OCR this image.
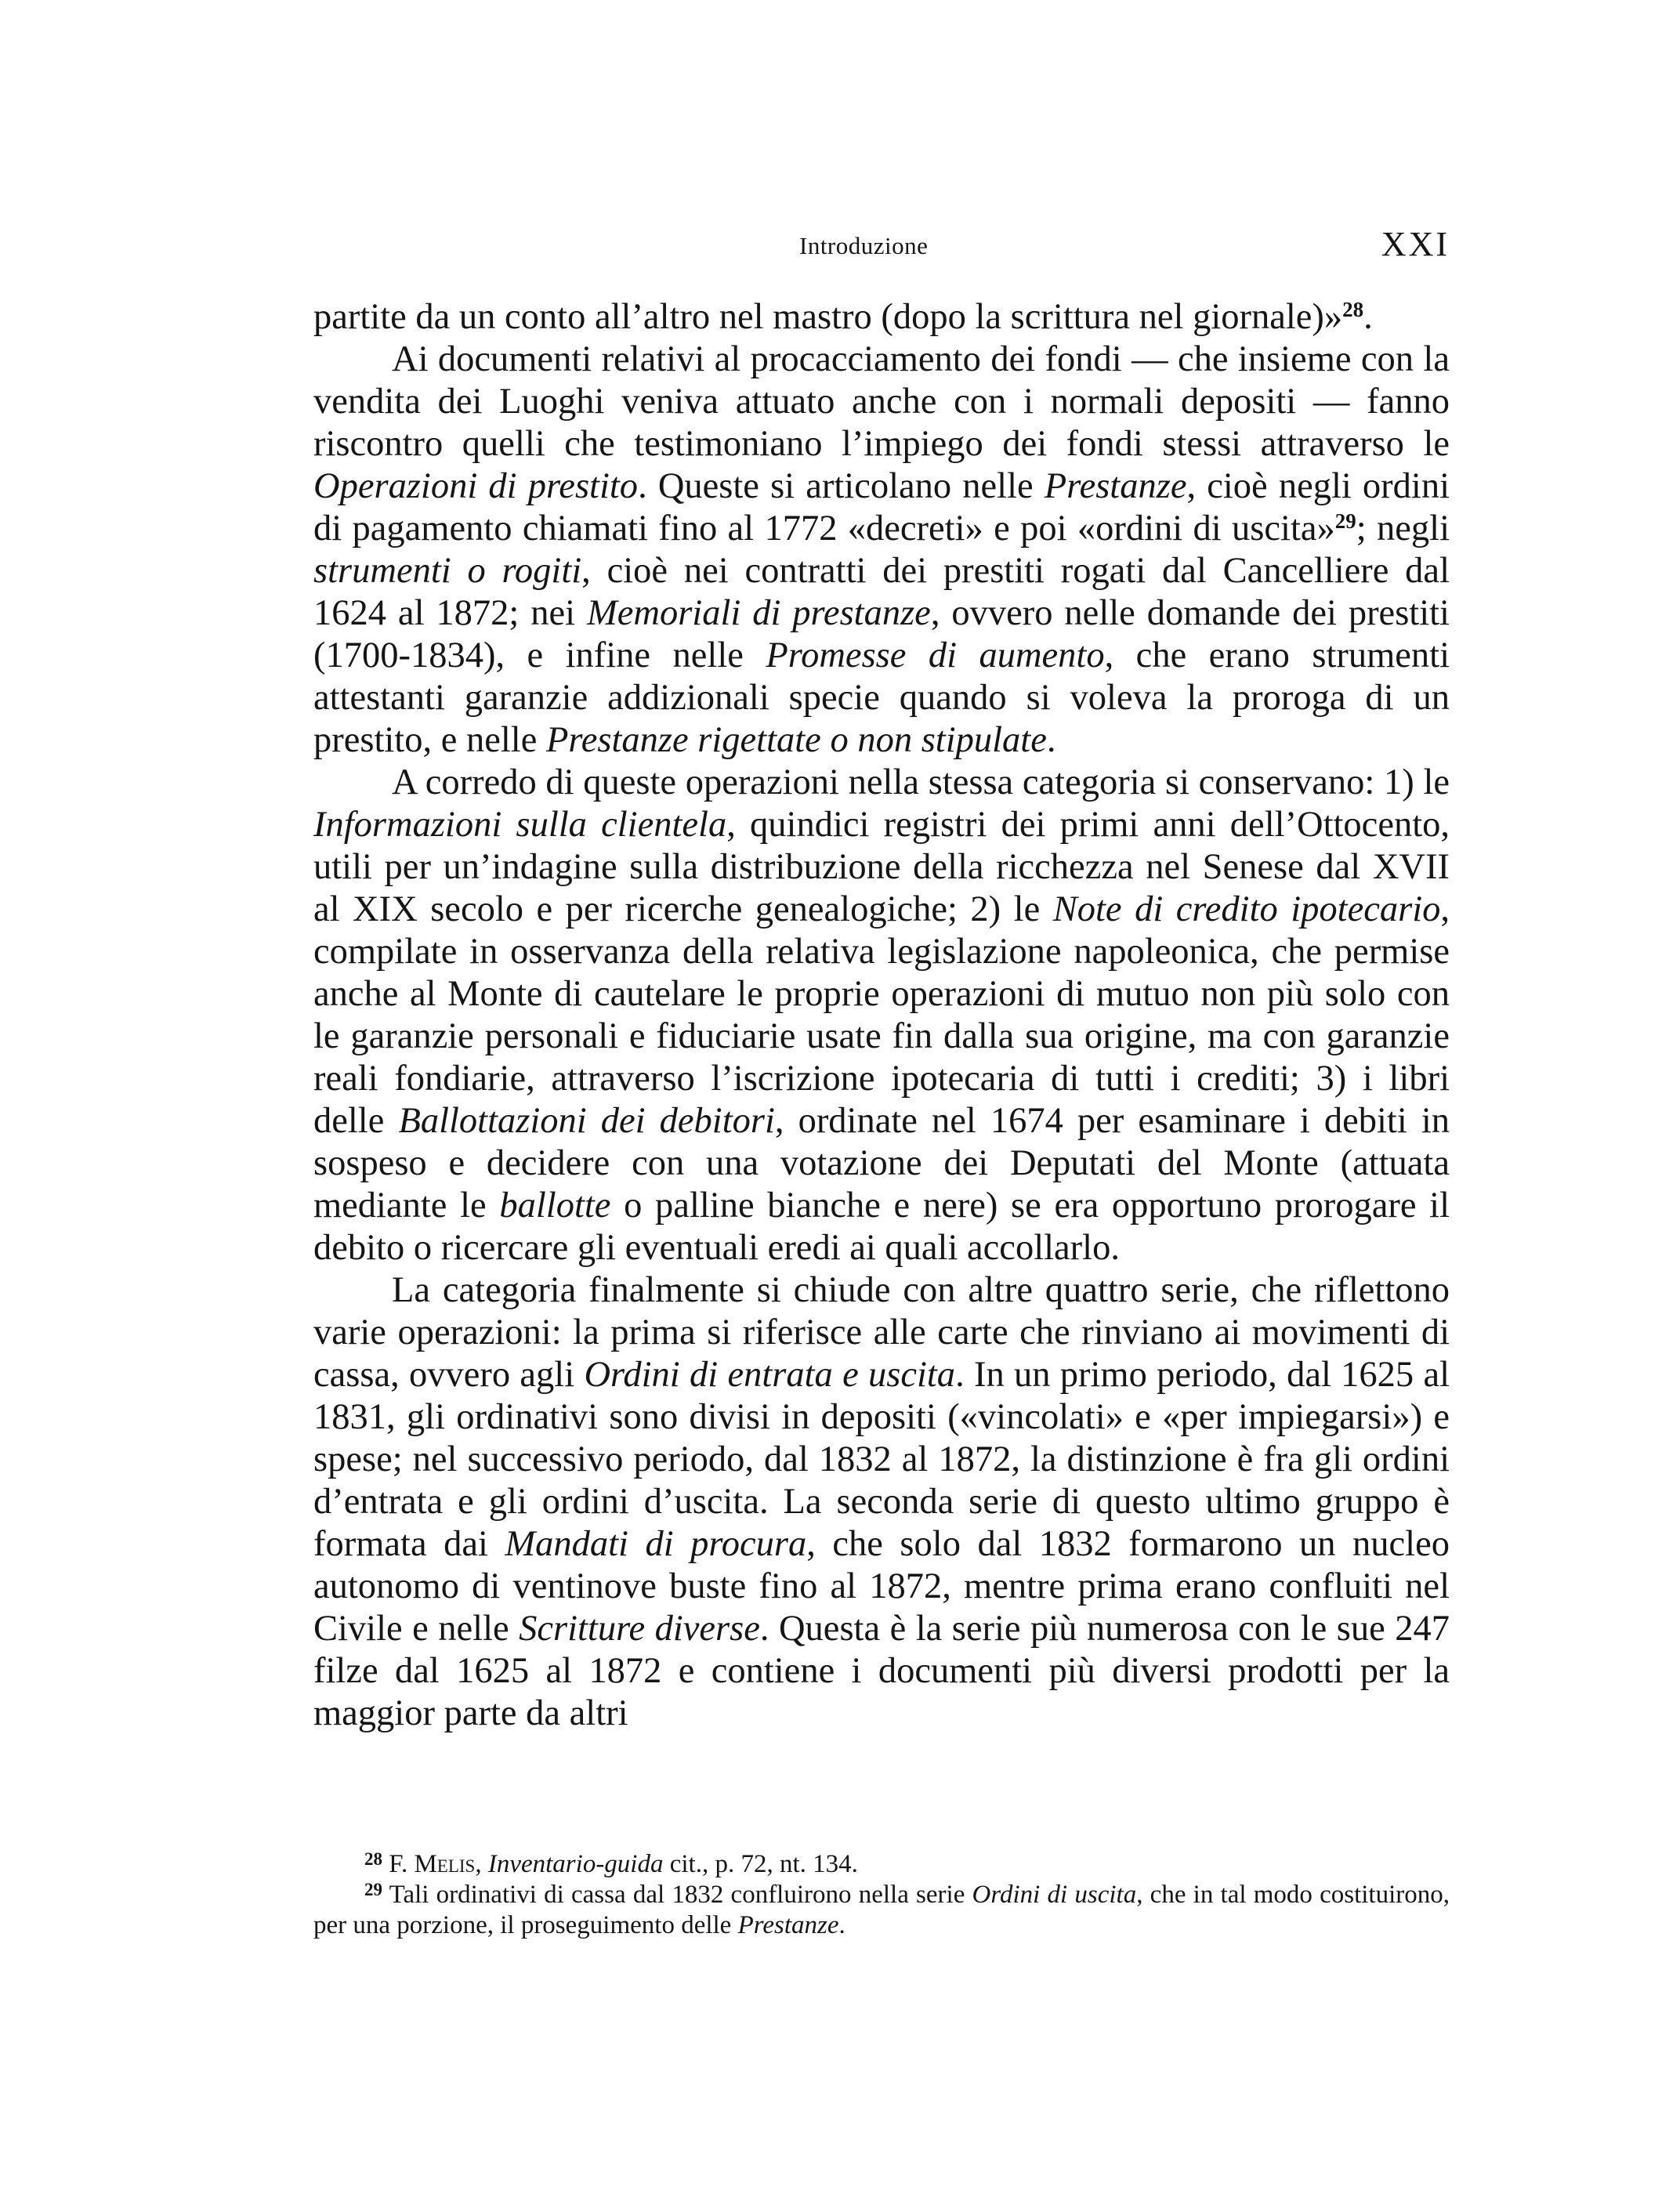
Introduzione	XXI

partite da un conto all’altro nel mastro (dopo la scrittura nel giornale)»$^{28}$.

Ai documenti relativi al procacciamento dei fondi — che insieme con la vendita dei Luoghi veniva attuato anche con i normali depositi — fanno riscontro quelli che testimoniano l’impiego dei fondi stessi attraverso le Operazioni di prestito. Queste si articolano nelle Prestanze, cioè negli ordini di pagamento chiamati fino al 1772 «decreti» e poi «ordini di uscita»$^{29}$; negli strumenti o rogiti, cioè nei contratti dei prestiti rogati dal Cancelliere dal 1624 al 1872; nei Memoriali di prestanze, ovvero nelle domande dei prestiti (1700-1834), e infine nelle Promesse di aumento, che erano strumenti attestanti garanzie addizionali specie quando si voleva la proroga di un prestito, e nelle Prestanze rigettate o non stipulate.

A corredo di queste operazioni nella stessa categoria si conservano: 1) le Informazioni sulla clientela, quindici registri dei primi anni dell’Ottocento, utili per un’indagine sulla distribuzione della ricchezza nel Senese dal XVII al XIX secolo e per ricerche genealogiche; 2) le Note di credito ipotecario, compilate in osservanza della relativa legislazione napoleonica, che permise anche al Monte di cautelare le proprie operazioni di mutuo non più solo con le garanzie personali e fiduciarie usate fin dalla sua origine, ma con garanzie reali fondiarie, attraverso l’iscrizione ipotecaria di tutti i crediti; 3) i libri delle Ballottazioni dei debitori, ordinate nel 1674 per esaminare i debiti in sospeso e decidere con una votazione dei Deputati del Monte (attuata mediante le ballotte o palline bianche e nere) se era opportuno prorogare il debito o ricercare gli eventuali eredi ai quali accollarlo.

La categoria finalmente si chiude con altre quattro serie, che riflettono varie operazioni: la prima si riferisce alle carte che rinviano ai movimenti di cassa, ovvero agli Ordini di entrata e uscita. In un primo periodo, dal 1625 al 1831, gli ordinativi sono divisi in depositi («vincolati» e «per impiegarsi») e spese; nel successivo periodo, dal 1832 al 1872, la distinzione è fra gli ordini d’entrata e gli ordini d’uscita. La seconda serie di questo ultimo gruppo è formata dai Mandati di procura, che solo dal 1832 formarono un nucleo autonomo di ventinove buste fino al 1872, mentre prima erano confluiti nel Civile e nelle Scritture diverse. Questa è la serie più numerosa con le sue 247 filze dal 1625 al 1872 e contiene i documenti più diversi prodotti per la maggior parte da altri

$^{28}$ F. Melis, Inventario-guida cit., p. 72, nt. 134.

$^{29}$ Tali ordinativi di cassa dal 1832 confluirono nella serie Ordini di uscita, che in tal modo costituirono, per una porzione, il proseguimento delle Prestanze.
